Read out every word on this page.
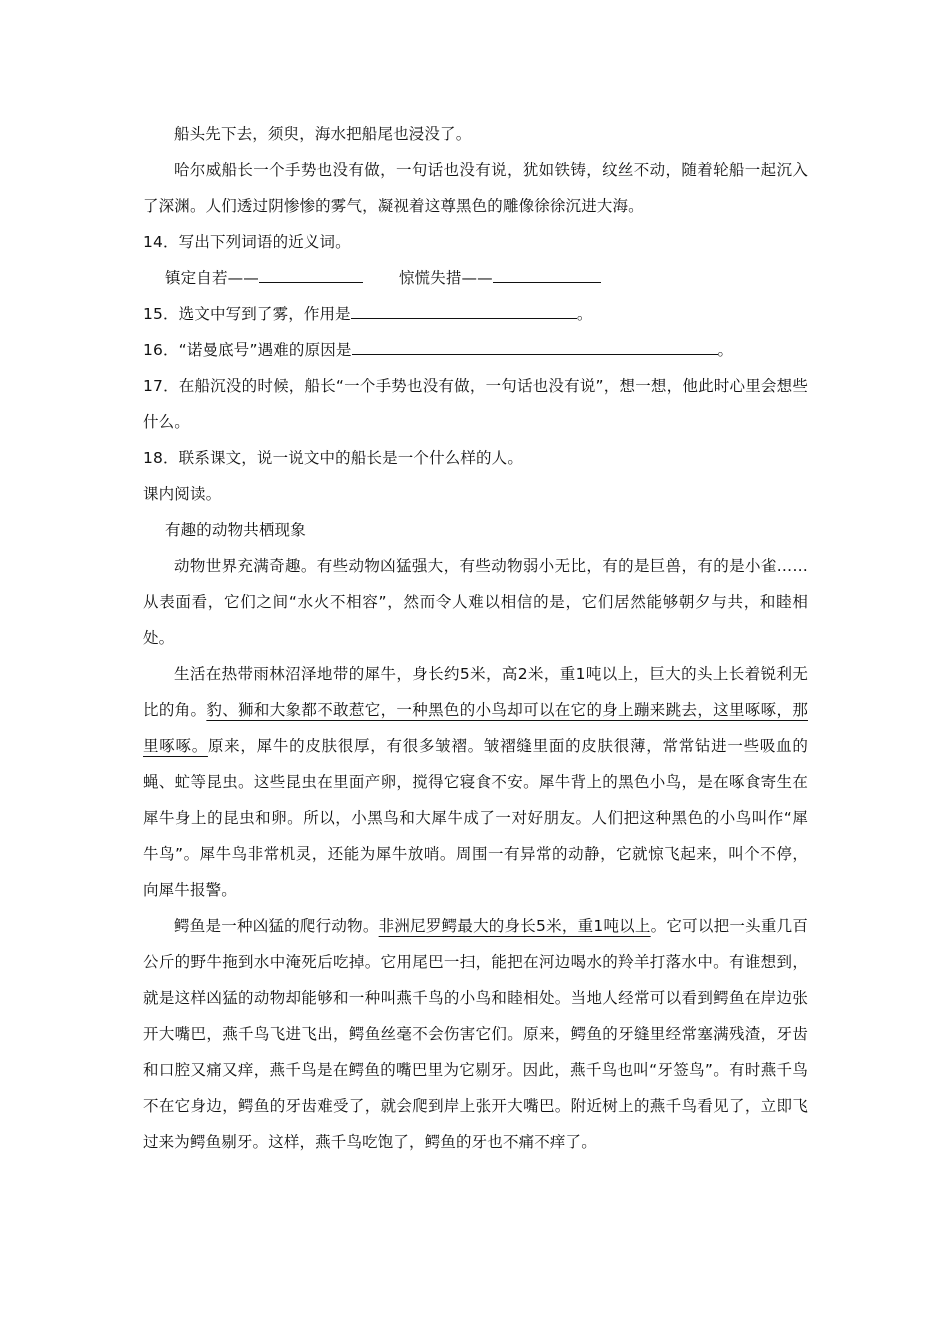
船头先下去，须臾，海水把船尾也浸没了。

哈尔威船长一个手势也没有做，一句话也没有说，犹如铁铸，纹丝不动，随着轮船一起沉入了深渊。人们透过阴惨惨的雾气，凝视着这尊黑色的雕像徐徐沉进大海。

14．写出下列词语的近义词。

镇定自若——	惊慌失措——

15．选文中写到了雾，作用是	。

16．“诺曼底号”遇难的原因是	。

17．在船沉没的时候，船长“一个手势也没有做，一句话也没有说”，想一想，他此时心里会想些什么。

18．联系课文，说一说文中的船长是一个什么样的人。

课内阅读。

有趣的动物共栖现象

动物世界充满奇趣。有些动物凶猛强大，有些动物弱小无比，有的是巨兽，有的是小雀……从表面看，它们之间“水火不相容”，然而令人难以相信的是，它们居然能够朝夕与共，和睦相处。

生活在热带雨林沼泽地带的犀牛，身长约5米，高2米，重1吨以上，巨大的头上长着锐利无比的角。豹、狮和大象都不敢惹它，一种黑色的小鸟却可以在它的身上蹦来跳去，这里啄啄，那里啄啄。原来，犀牛的皮肤很厚，有很多皱褶。皱褶缝里面的皮肤很薄，常常钻进一些吸血的蝇、虻等昆虫。这些昆虫在里面产卵，搅得它寝食不安。犀牛背上的黑色小鸟，是在啄食寄生在犀牛身上的昆虫和卵。所以，小黑鸟和大犀牛成了一对好朋友。人们把这种黑色的小鸟叫作“犀牛鸟”。犀牛鸟非常机灵，还能为犀牛放哨。周围一有异常的动静，它就惊飞起来，叫个不停，向犀牛报警。

鳄鱼是一种凶猛的爬行动物。非洲尼罗鳄最大的身长5米，重1吨以上。它可以把一头重几百公斤的野牛拖到水中淹死后吃掉。它用尾巴一扫，能把在河边喝水的羚羊打落水中。有谁想到，就是这样凶猛的动物却能够和一种叫燕千鸟的小鸟和睦相处。当地人经常可以看到鳄鱼在岸边张开大嘴巴，燕千鸟飞进飞出，鳄鱼丝毫不会伤害它们。原来，鳄鱼的牙缝里经常塞满残渣，牙齿和口腔又痛又痒，燕千鸟是在鳄鱼的嘴巴里为它剔牙。因此，燕千鸟也叫“牙签鸟”。有时燕千鸟不在它身边，鳄鱼的牙齿难受了，就会爬到岸上张开大嘴巴。附近树上的燕千鸟看见了，立即飞过来为鳄鱼剔牙。这样，燕千鸟吃饱了，鳄鱼的牙也不痛不痒了。
